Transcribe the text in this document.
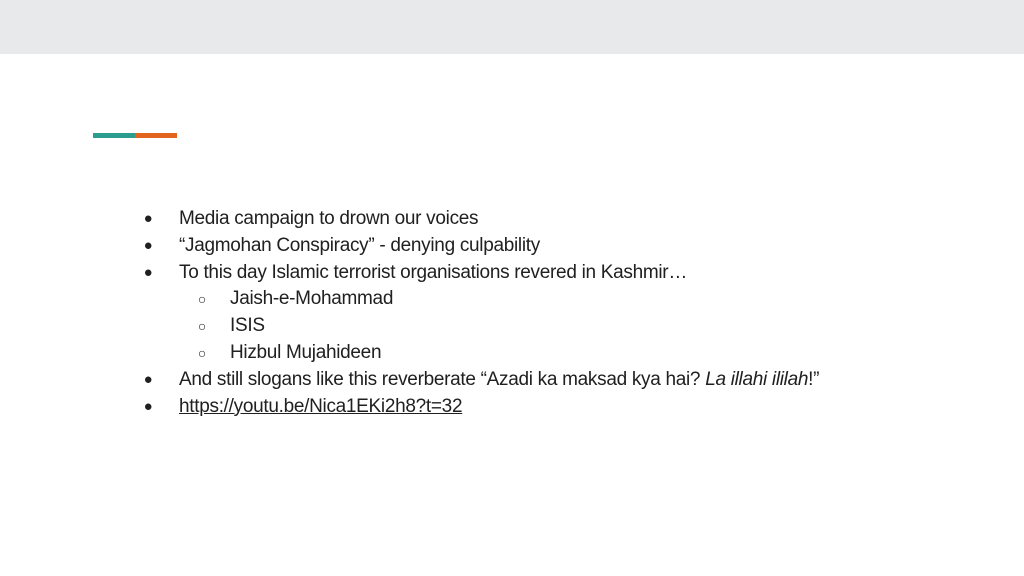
● Media campaign to drown our voices
● “Jagmohan Conspiracy” - denying culpability
● To this day Islamic terrorist organisations revered in Kashmir…
○ Jaish-e-Mohammad
○ ISIS
○ Hizbul Mujahideen
● And still slogans like this reverberate “Azadi ka maksad kya hai? La illahi ililah!”
● https://youtu.be/Nica1EKi2h8?t=32
